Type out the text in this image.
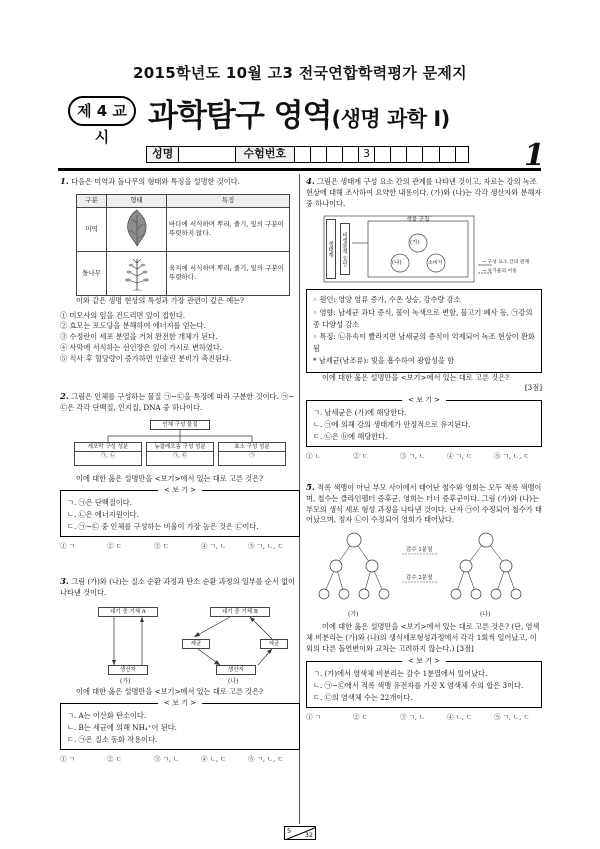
2015학년도 10월 고3 전국연합학력평가 문제지
제 4 교시
과학탐구 영역(생명 과학 Ⅰ)
성명	수험번호	3	1

1. 다음은 미역과 돌나무의 형태와 특징을 설명한 것이다.

구분	형태	특징
미역		바다에 서식하며 뿌리, 줄기, 잎의 구분이 뚜렷하지 않다.
돌나무		육지에 서식하며 뿌리, 줄기, 잎의 구분이 뚜렷하다.

이와 같은 생명 현상의 특성과 가장 관련이 깊은 예는?

① 미모사의 잎을 건드리면 잎이 접힌다.

② 효모는 포도당을 분해하여 에너지를 얻는다.

③ 수정란이 세포 분열을 거쳐 완전한 개체가 된다.

④ 사막에 서식하는 선인장은 잎이 가시로 변하였다.

⑤ 식사 후 혈당량이 증가하면 인슐린 분비가 촉진된다.

2. 그림은 인체를 구성하는 물질 ㉠∼㉢을 특징에 따라 구분한 것이다. ㉠∼㉢은 각각 단백질, 인지질, DNA 중 하나이다.

인체 구성 물질
세포막 구성 성분
㉠, ㉡
뉴클레오솜 구성 성분
㉠, ㉢
효소 구성 성분
㉠

이에 대한 옳은 설명만을 <보기>에서 있는 대로 고른 것은?

< 보 기 >

ㄱ. ㉠은 단백질이다.

ㄴ. ㉡은 에너지원이다.

ㄷ. ㉠∼㉢ 중 인체를 구성하는 비율이 가장 높은 것은 ㉢이다.

① ㄱ	② ㄷ	③ ㄷ	④ ㄱ, ㄴ	⑤ ㄱ, ㄴ, ㄷ

3. 그림 (가)와 (나)는 질소 순환 과정과 탄소 순환 과정의 일부를 순서 없이 나타낸 것이다.

대기 중 기체 A
생산자
대기 중 기체 B
세균	세균
생산자
(가)	(나)

이에 대한 옳은 설명만을 <보기>에서 있는 대로 고른 것은?

< 보 기 >

ㄱ. A는 이산화 탄소이다.

ㄴ. B는 세균에 의해 NH₄⁺이 된다.

ㄷ. ㉠은 질소 동화 작용이다.

① ㄱ	② ㄷ	③ ㄱ, ㄴ	④ ㄴ, ㄷ	⑤ ㄱ, ㄴ, ㄷ

4. 그림은 생태계 구성 요소 간의 관계를 나타낸 것이고, 자료는 강의 녹조 현상에 대해 조사하여 요약한 내용이다. (가)와 (나)는 각각 생산자와 분해자 중 하나이다.

생태계	비생물적 요인
생물 군집
(가)
(나)	소비자	→ 구성 요소 간의 관계
→ 유기물의 이동

◦ 원인: 영양 염류 증가, 수온 상승, 강수량 감소

◦ 영향: 남세균 과다 증식, 물이 녹색으로 변함, 물고기 폐사 등, ㉠강의 종 다양성 감소

◦ 특징: ㉡유속이 빨라지면 남세균의 증식이 억제되어 녹조 현상이 완화됨

* 남세균(남조류): 빛을 흡수하여 광합성을 함

이에 대한 옳은 설명만을 <보기>에서 있는 대로 고른 것은?

[3점]

< 보 기 >

ㄱ. 남세균은 (가)에 해당한다.

ㄴ. ㉠에 의해 강의 생태계가 안정적으로 유지된다.

ㄷ. ㉡은 ⓑ에 해당한다.

① ㄴ	② ㄷ	③ ㄱ, ㄴ	④ ㄱ, ㄷ	⑤ ㄱ, ㄴ, ㄷ

5. 적록 색맹이 아닌 부모 사이에서 태어난 철수와 영희는 모두 적록 색맹이며, 철수는 클라인펠터 증후군, 영희는 터너 증후군이다. 그림 (가)와 (나)는 부모의 생식 세포 형성 과정을 나타낸 것이다. 난자 ㉠이 수정되어 철수가 태어났으며, 정자 ㉡이 수정되어 영희가 태어났다.

감수 1분열
감수 2분열
(가)	(나)

이에 대한 옳은 설명만을 <보기>에서 있는 대로 고른 것은? (단, 염색체 비분리는 (가)와 (나)의 생식세포형성과정에서 각각 1회씩 일어났고, 이외의 다른 돌연변이와 교차는 고려하지 않는다.) [3점]

< 보 기 >

ㄱ. (가)에서 염색체 비분리는 감수 1분열에서 일어났다.

ㄴ. ㉠∼㉢에서 적록 색맹 유전자를 가진 X 염색체 수의 합은 3이다.

ㄷ. ㉢의 염색체 수는 22개이다.

① ㄱ	② ㄷ	③ ㄱ, ㄴ	④ ㄴ, ㄷ	⑤ ㄱ, ㄴ, ㄷ

5 32
